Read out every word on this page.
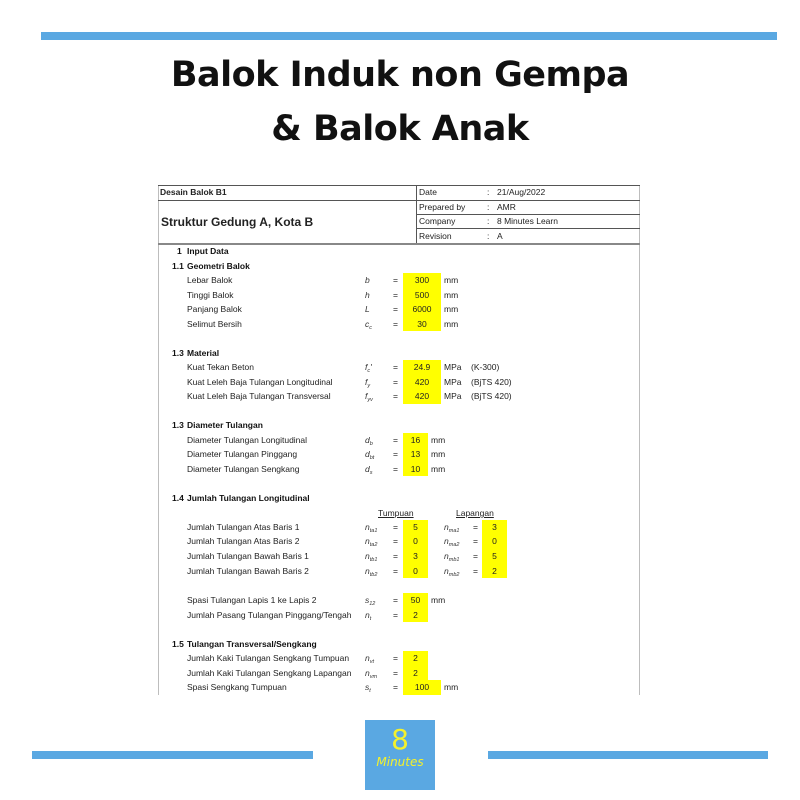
Balok Induk non Gempa
& Balok Anak
Desain Balok B1
Struktur Gedung A, Kota B
Date	: 21/Aug/2022
Prepared by	: AMR
Company	: 8 Minutes Learn
Revision	: A
1 Input Data
1.1 Geometri Balok
Lebar Balok	b	=	300	mm
Tinggi Balok	h	=	500	mm
Panjang Balok	L	=	6000	mm
Selimut Bersih	$c_c$ =	30	mm
1.3 Material
Kuat Tekan Beton	$f_c'$	=	24.9	MPa (K-300)
Kuat Leleh Baja Tulangan Longitudinal	$f_y$	=	420	MPa (BjTS 420)
Kuat Leleh Baja Tulangan Transversal	$f_{yv}$ =	420	MPa (BjTS 420)
1.3 Diameter Tulangan
Diameter Tulangan Longitudinal	$d_b$ =	16	mm
Diameter Tulangan Pinggang	$d_{bt}$ =	13	mm
Diameter Tulangan Sengkang	$d_s$ =	10	mm
1.4 Jumlah Tulangan Longitudinal
Tumpuan	Lapangan
Jumlah Tulangan Atas Baris 1	$n_{ta1}$ =	5	$n_{ma1}$ =	3
Jumlah Tulangan Atas Baris 2	$n_{ta2}$ =	0	$n_{ma2}$ =	0
Jumlah Tulangan Bawah Baris 1	$n_{tb1}$ =	3	$n_{mb1}$ =	5
Jumlah Tulangan Bawah Baris 2	$n_{tb2}$ =	0	$n_{mb2}$ =	2
Spasi Tulangan Lapis 1 ke Lapis 2	$s_{12}$ =	50	mm
Jumlah Pasang Tulangan Pinggang/Tengah $n_t$	=	2
1.5 Tulangan Transversal/Sengkang
Jumlah Kaki Tulangan Sengkang Tumpuan $n_{vt}$ =	2
Jumlah Kaki Tulangan Sengkang Lapangan $n_{vm}$ =	2
Spasi Sengkang Tumpuan	$s_t$	=	100	mm
8
Minutes
